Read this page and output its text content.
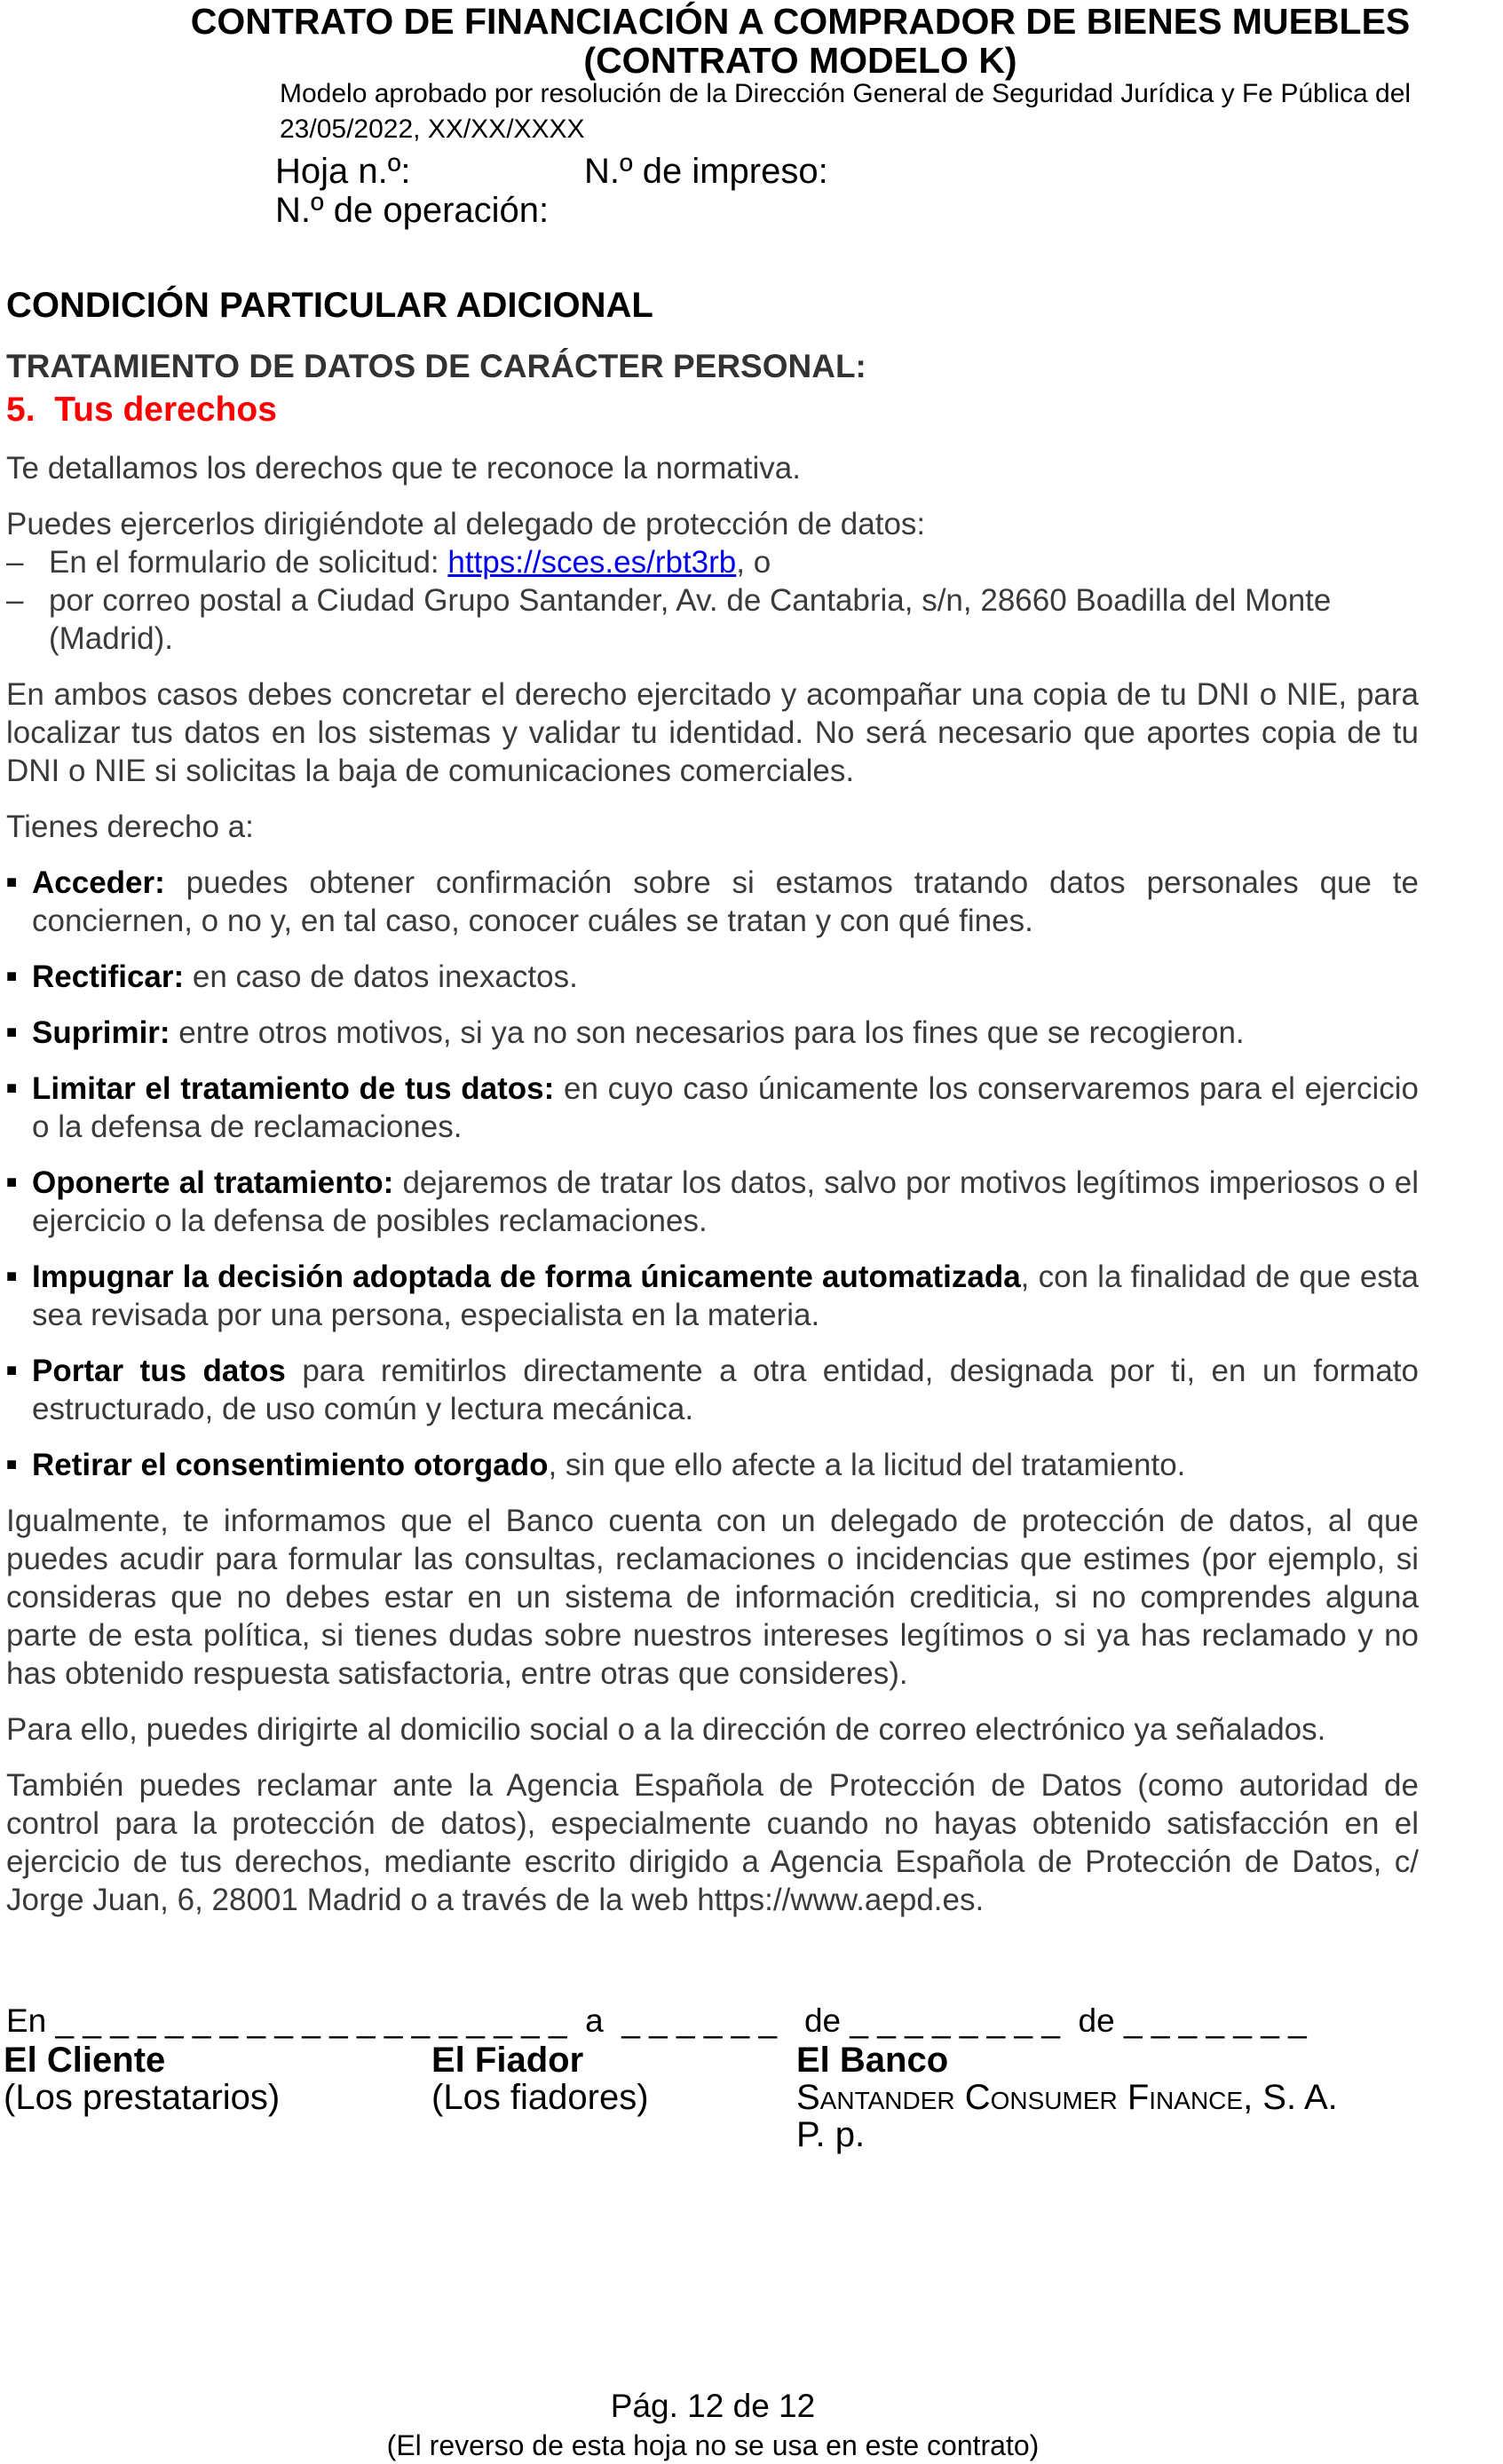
CONTRATO DE FINANCIACIÓN A COMPRADOR DE BIENES MUEBLES
(CONTRATO MODELO K)
Modelo aprobado por resolución de la Dirección General de Seguridad Jurídica y Fe Pública del
23/05/2022, XX/XX/XXXX
Hoja n.º:	N.º de impreso:
N.º de operación:
CONDICIÓN PARTICULAR ADICIONAL
TRATAMIENTO DE DATOS DE CARÁCTER PERSONAL:
5.  Tus derechos

Te detallamos los derechos que te reconoce la normativa.

Puedes ejercerlos dirigiéndote al delegado de protección de datos:

– En el formulario de solicitud: https://sces.es/rbt3rb, o
– por correo postal a Ciudad Grupo Santander, Av. de Cantabria, s/n, 28660 Boadilla del Monte (Madrid).

En ambos casos debes concretar el derecho ejercitado y acompañar una copia de tu DNI o NIE, para localizar tus datos en los sistemas y validar tu identidad. No será necesario que aportes copia de tu DNI o NIE si solicitas la baja de comunicaciones comerciales.

Tienes derecho a:

■ Acceder: puedes obtener confirmación sobre si estamos tratando datos personales que te conciernen, o no y, en tal caso, conocer cuáles se tratan y con qué fines.
■ Rectificar: en caso de datos inexactos.
■ Suprimir: entre otros motivos, si ya no son necesarios para los fines que se recogieron.
■ Limitar el tratamiento de tus datos: en cuyo caso únicamente los conservaremos para el ejercicio o la defensa de reclamaciones.
■ Oponerte al tratamiento: dejaremos de tratar los datos, salvo por motivos legítimos imperiosos o el ejercicio o la defensa de posibles reclamaciones.
■ Impugnar la decisión adoptada de forma únicamente automatizada, con la finalidad de que esta sea revisada por una persona, especialista en la materia.
■ Portar tus datos para remitirlos directamente a otra entidad, designada por ti, en un formato estructurado, de uso común y lectura mecánica.
■ Retirar el consentimiento otorgado, sin que ello afecte a la licitud del tratamiento.

Igualmente, te informamos que el Banco cuenta con un delegado de protección de datos, al que puedes acudir para formular las consultas, reclamaciones o incidencias que estimes (por ejemplo, si consideras que no debes estar en un sistema de información crediticia, si no comprendes alguna parte de esta política, si tienes dudas sobre nuestros intereses legítimos o si ya has reclamado y no has obtenido respuesta satisfactoria, entre otras que consideres).

Para ello, puedes dirigirte al domicilio social o a la dirección de correo electrónico ya señalados.

También puedes reclamar ante la Agencia Española de Protección de Datos (como autoridad de control para la protección de datos), especialmente cuando no hayas obtenido satisfacción en el ejercicio de tus derechos, mediante escrito dirigido a Agencia Española de Protección de Datos, c/ Jorge Juan, 6, 28001 Madrid o a través de la web https://www.aepd.es.

En _ _ _ _ _ _ _ _ _ _ _ _ _ _ _ _ _ _ _  a  _ _ _ _ _ _   de _ _ _ _ _ _ _ _  de _ _ _ _ _ _ _
El Cliente
(Los prestatarios)
El Fiador
(Los fiadores)
El Banco
Santander Consumer Finance, S. A.
P. p.
Pág. 12 de 12
(El reverso de esta hoja no se usa en este contrato)
